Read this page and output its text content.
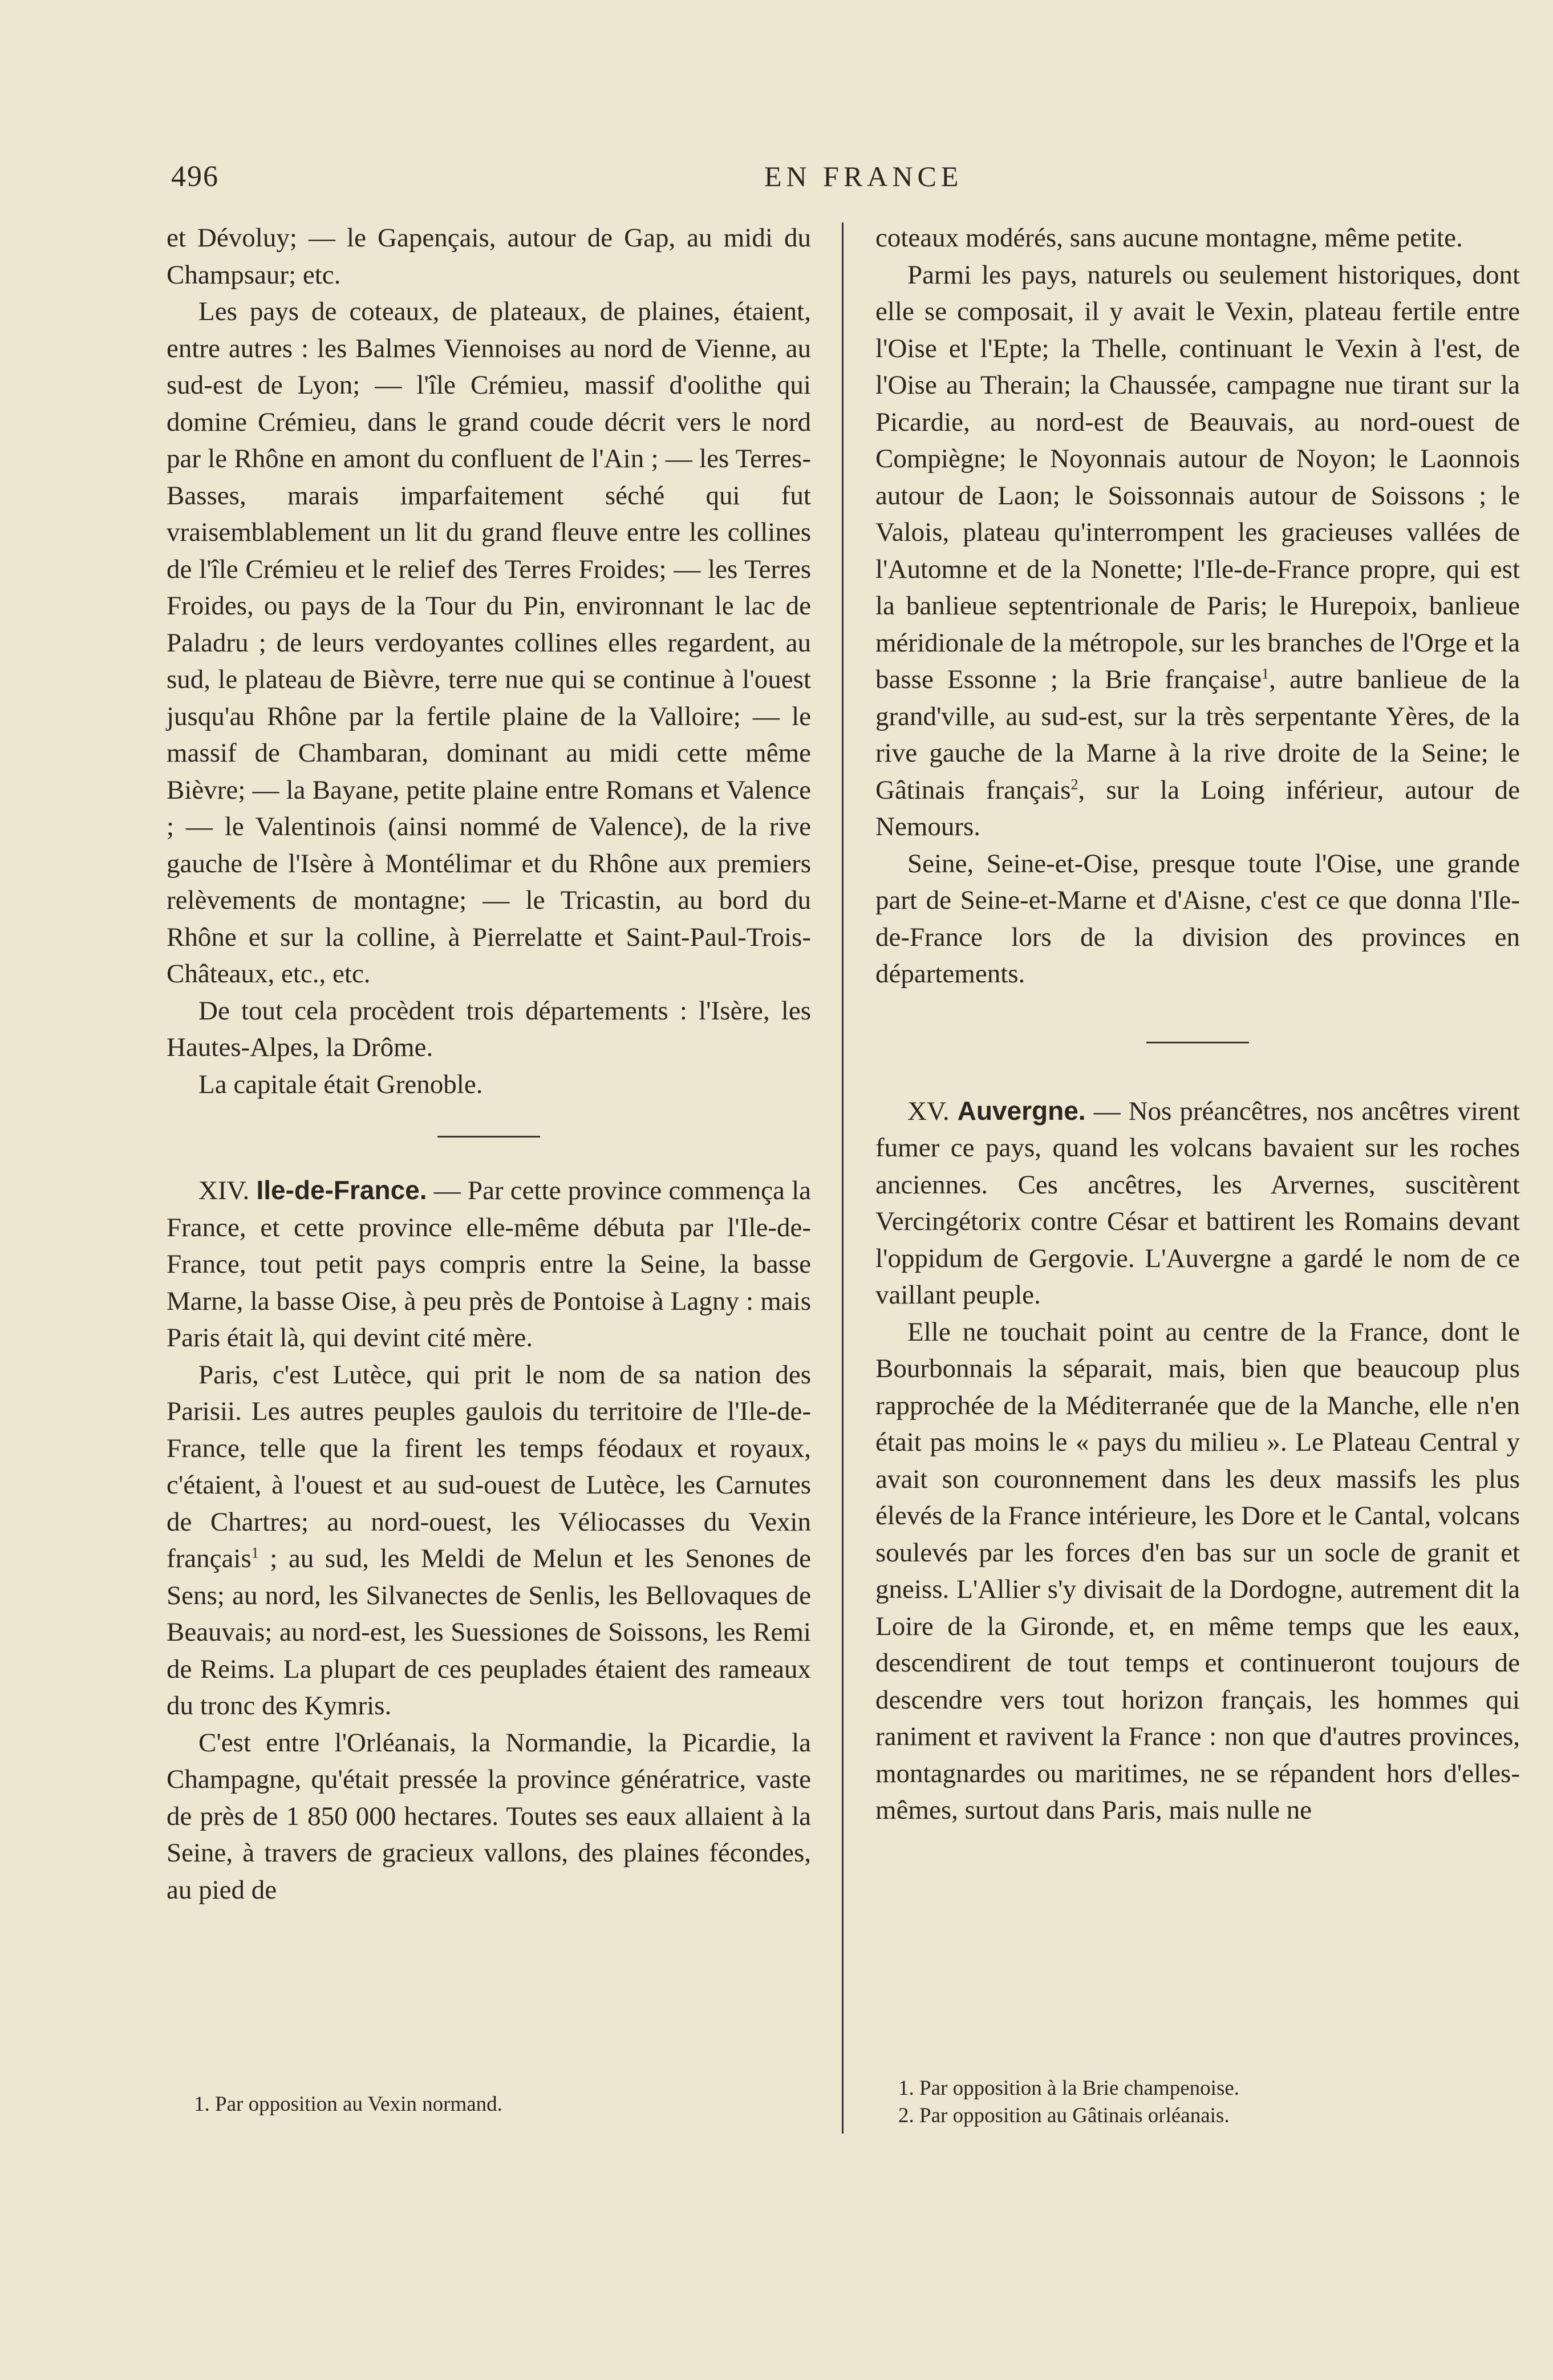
496	EN FRANCE

et Dévoluy; — le Gapençais, autour de Gap, au midi du Champsaur; etc.

Les pays de coteaux, de plateaux, de plaines, étaient, entre autres : les Balmes Viennoises au nord de Vienne, au sud-est de Lyon; — l'île Crémieu, massif d'oolithe qui domine Crémieu, dans le grand coude décrit vers le nord par le Rhône en amont du confluent de l'Ain ; — les Terres-Basses, marais imparfaitement séché qui fut vraisemblablement un lit du grand fleuve entre les collines de l'île Crémieu et le relief des Terres Froides; — les Terres Froides, ou pays de la Tour du Pin, environnant le lac de Paladru ; de leurs verdoyantes collines elles regardent, au sud, le plateau de Bièvre, terre nue qui se continue à l'ouest jusqu'au Rhône par la fertile plaine de la Valloire; — le massif de Chambaran, dominant au midi cette même Bièvre; — la Bayane, petite plaine entre Romans et Valence ; — le Valentinois (ainsi nommé de Valence), de la rive gauche de l'Isère à Montélimar et du Rhône aux premiers relèvements de montagne; — le Tricastin, au bord du Rhône et sur la colline, à Pierrelatte et Saint-Paul-Trois-Châteaux, etc., etc.

De tout cela procèdent trois départements : l'Isère, les Hautes-Alpes, la Drôme.

La capitale était Grenoble.

XIV. Ile-de-France. — Par cette province commença la France, et cette province elle-même débuta par l'Ile-de-France, tout petit pays compris entre la Seine, la basse Marne, la basse Oise, à peu près de Pontoise à Lagny : mais Paris était là, qui devint cité mère.

Paris, c'est Lutèce, qui prit le nom de sa nation des Parisii. Les autres peuples gaulois du territoire de l'Ile-de-France, telle que la firent les temps féodaux et royaux, c'étaient, à l'ouest et au sud-ouest de Lutèce, les Carnutes de Chartres; au nord-ouest, les Véliocasses du Vexin français$^1$ ; au sud, les Meldi de Melun et les Senones de Sens; au nord, les Silvanectes de Senlis, les Bellovaques de Beauvais; au nord-est, les Suessiones de Soissons, les Remi de Reims. La plupart de ces peuplades étaient des rameaux du tronc des Kymris.

C'est entre l'Orléanais, la Normandie, la Picardie, la Champagne, qu'était pressée la province génératrice, vaste de près de 1 850 000 hectares. Toutes ses eaux allaient à la Seine, à travers de gracieux vallons, des plaines fécondes, au pied de

coteaux modérés, sans aucune montagne, même petite.

Parmi les pays, naturels ou seulement historiques, dont elle se composait, il y avait le Vexin, plateau fertile entre l'Oise et l'Epte; la Thelle, continuant le Vexin à l'est, de l'Oise au Therain; la Chaussée, campagne nue tirant sur la Picardie, au nord-est de Beauvais, au nord-ouest de Compiègne; le Noyonnais autour de Noyon; le Laonnois autour de Laon; le Soissonnais autour de Soissons ; le Valois, plateau qu'interrompent les gracieuses vallées de l'Automne et de la Nonette; l'Ile-de-France propre, qui est la banlieue septentrionale de Paris; le Hurepoix, banlieue méridionale de la métropole, sur les branches de l'Orge et la basse Essonne ; la Brie française$^1$, autre banlieue de la grand'ville, au sud-est, sur la très serpentante Yères, de la rive gauche de la Marne à la rive droite de la Seine; le Gâtinais français$^2$, sur la Loing inférieur, autour de Nemours.

Seine, Seine-et-Oise, presque toute l'Oise, une grande part de Seine-et-Marne et d'Aisne, c'est ce que donna l'Ile-de-France lors de la division des provinces en départements.

XV. Auvergne. — Nos préancêtres, nos ancêtres virent fumer ce pays, quand les volcans bavaient sur les roches anciennes. Ces ancêtres, les Arvernes, suscitèrent Vercingétorix contre César et battirent les Romains devant l'oppidum de Gergovie. L'Auvergne a gardé le nom de ce vaillant peuple.

Elle ne touchait point au centre de la France, dont le Bourbonnais la séparait, mais, bien que beaucoup plus rapprochée de la Méditerranée que de la Manche, elle n'en était pas moins le « pays du milieu ». Le Plateau Central y avait son couronnement dans les deux massifs les plus élevés de la France intérieure, les Dore et le Cantal, volcans soulevés par les forces d'en bas sur un socle de granit et gneiss. L'Allier s'y divisait de la Dordogne, autrement dit la Loire de la Gironde, et, en même temps que les eaux, descendirent de tout temps et continueront toujours de descendre vers tout horizon français, les hommes qui raniment et ravivent la France : non que d'autres provinces, montagnardes ou maritimes, ne se répandent hors d'elles-mêmes, surtout dans Paris, mais nulle ne

1. Par opposition au Vexin normand.

1. Par opposition à la Brie champenoise.

2. Par opposition au Gâtinais orléanais.
